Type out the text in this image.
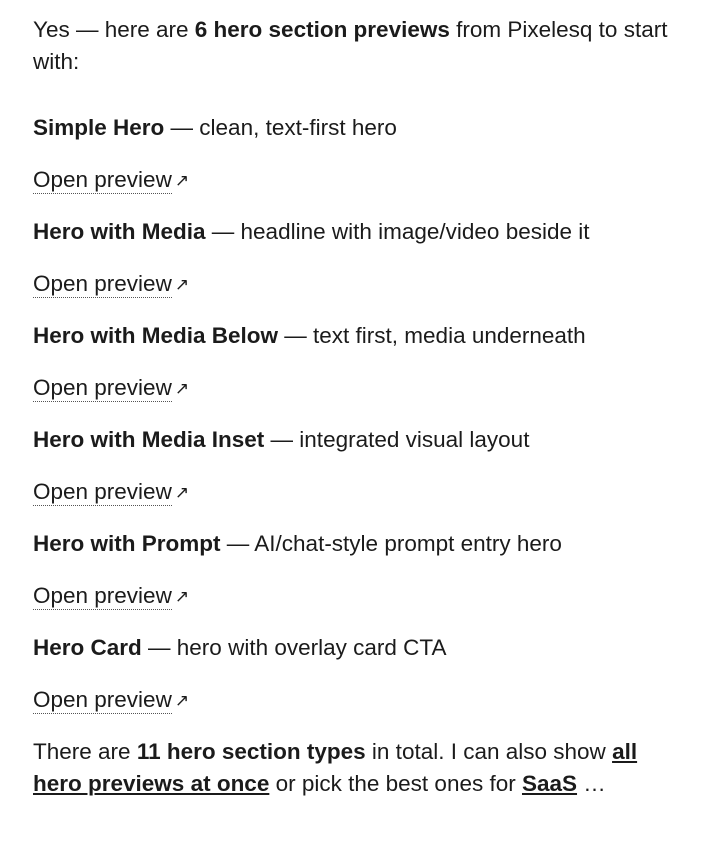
Yes — here are 6 hero section previews from Pixelesq to start with:

Simple Hero — clean, text-first hero

Open preview ↗

Hero with Media — headline with image/video beside it

Open preview ↗

Hero with Media Below — text first, media underneath

Open preview ↗

Hero with Media Inset — integrated visual layout

Open preview ↗

Hero with Prompt — AI/chat-style prompt entry hero

Open preview ↗

Hero Card — hero with overlay card CTA

Open preview ↗

There are 11 hero section types in total. I can also show all hero previews at once or pick the best ones for SaaS …
